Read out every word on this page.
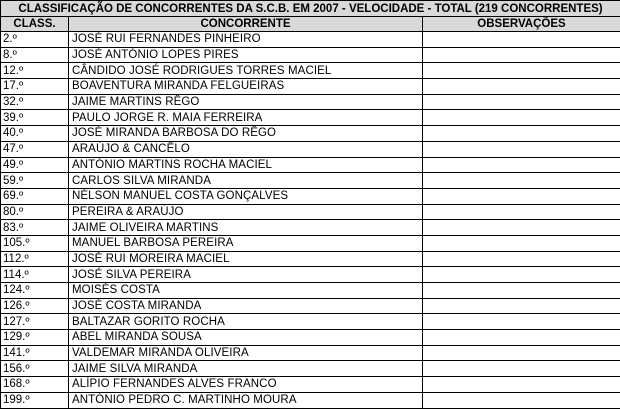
CLASSIFICAÇÃO DE CONCORRENTES DA S.C.B. EM 2007 - VELOCIDADE - TOTAL (219 CONCORRENTES)		
CLASS.	CONCORRENTE	OBSERVAÇÕES
2.º	JOSÉ RUI FERNANDES PINHEIRO	
8.º	JOSÉ ANTÓNIO LOPES PIRES	
12.º	CÂNDIDO JOSÉ RODRIGUES TORRES MACIEL	
17.º	BOAVENTURA MIRANDA FELGUEIRAS	
32.º	JAIME MARTINS RÊGO	
39.º	PAULO JORGE R. MAIA FERREIRA	
40.º	JOSÉ MIRANDA BARBOSA DO RÊGO	
47.º	ARAÚJO & CANCÊLO	
49.º	ANTÓNIO MARTINS ROCHA MACIEL	
59.º	CARLOS SILVA MIRANDA	
69.º	NÉLSON MANUEL COSTA GONÇALVES	
80.º	PEREIRA & ARAÚJO	
83.º	JAIME OLIVEIRA MARTINS	
105.º	MANUEL BARBOSA PEREIRA	
112.º	JOSÉ RUI MOREIRA MACIEL	
114.º	JOSÉ SILVA PEREIRA	
124.º	MOISÉS COSTA	
126.º	JOSÉ COSTA MIRANDA	
127.º	BALTAZAR GORITO ROCHA	
129.º	ABEL MIRANDA SOUSA	
141.º	VALDEMAR MIRANDA OLIVEIRA	
156.º	JAIME SILVA MIRANDA	
168.º	ALÍPIO FERNANDES ALVES FRANCO	
199.º	ANTÓNIO PEDRO C. MARTINHO MOURA	
